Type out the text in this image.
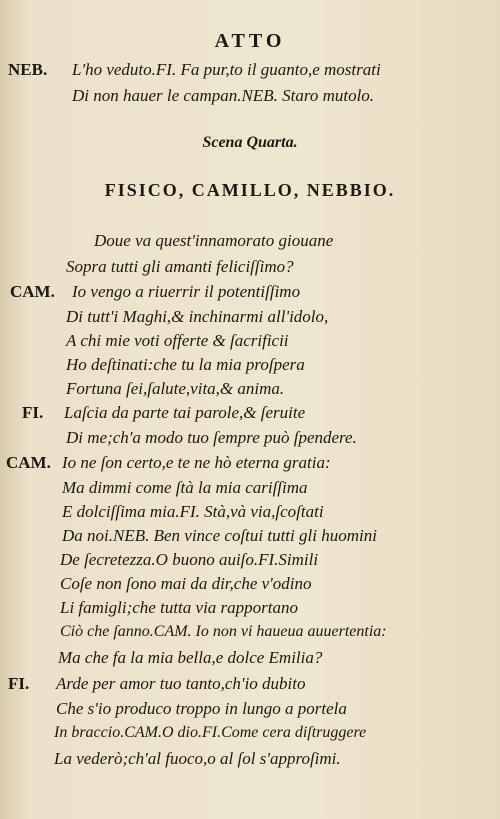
ATTO
NEB. L'ho veduto.FI. Fa pur,to il guanto,e mostrati
Di non hauer le campan.NEB. Staro mutolo.
Scena Quarta.
FISICO, CAMILLO, NEBBIO.
Doue va quest'innamorato giouane
Sopra tutti gli amanti feliciſſimo?
CAM. Io vengo a riuerrir il potentiſſimo
Di tutt'i Maghi,& inchinarmi all'idolo,
A chi mie voti offerte & ſacrificii
Ho deſtinati:che tu la mia proſpera
Fortuna ſei,ſalute,vita,& anima.
FI. Laſcia da parte tai parole,& ſeruite
Di me;ch'a modo tuo ſempre può ſpendere.
CAM. Io ne ſon certo,e te ne hò eterna gratia:
Ma dimmi come ſtà la mia cariſſima
E dolciſſima mia.FI. Stà,và via,ſcoſtati
Da noi.NEB. Ben vince coſtui tutti gli huomini
De ſecretezza.O buono auiſo.FI.Simili
Coſe non ſono mai da dir,che v'odino
Li famigli;che tutta via rapportano
Ciò che ſanno.CAM. Io non vi haueua auuertentia:
Ma che fa la mia bella,e dolce Emilia?
FI. Arde per amor tuo tanto,ch'io dubito
Che s'io produco troppo in lungo a portela
In braccio.CAM.O dio.FI.Come cera diſtruggere
La vederò;ch'al fuoco,o al ſol s'approſimi.
